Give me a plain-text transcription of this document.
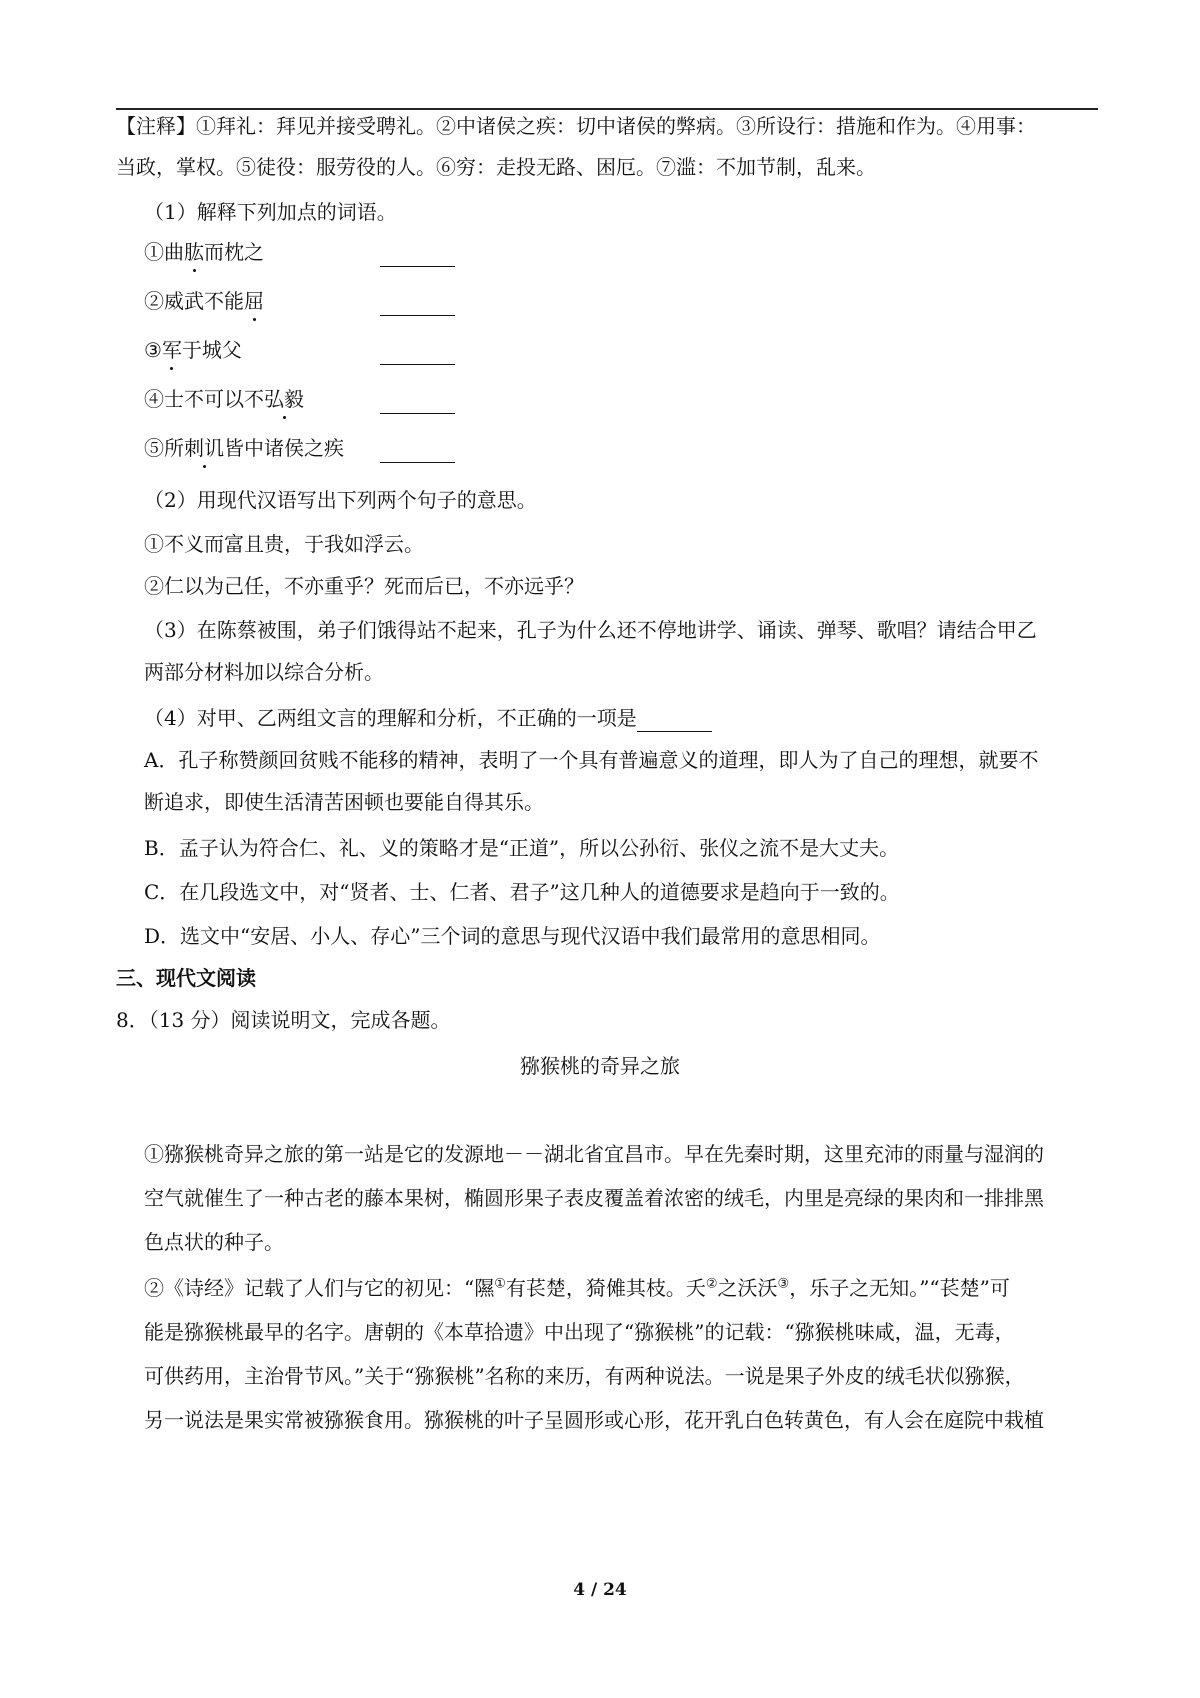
【注释】①拜礼：拜见并接受聘礼。②中诸侯之疾：切中诸侯的弊病。③所设行：措施和作为。④用事：
当政，掌权。⑤徒役：服劳役的人。⑥穷：走投无路、困厄。⑦滥：不加节制，乱来。
（1）解释下列加点的词语。
①曲肱而枕之
②威武不能屈
③军于城父
④士不可以不弘毅
⑤所刺讥皆中诸侯之疾
（2）用现代汉语写出下列两个句子的意思。
①不义而富且贵，于我如浮云。
②仁以为己任，不亦重乎？死而后已，不亦远乎？
（3）在陈蔡被围，弟子们饿得站不起来，孔子为什么还不停地讲学、诵读、弹琴、歌唱？请结合甲乙
两部分材料加以综合分析。
（4）对甲、乙两组文言的理解和分析，不正确的一项是
A．孔子称赞颜回贫贱不能移的精神，表明了一个具有普遍意义的道理，即人为了自己的理想，就要不
断追求，即使生活清苦困顿也要能自得其乐。
B．孟子认为符合仁、礼、义的策略才是“正道”，所以公孙衍、张仪之流不是大丈夫。
C．在几段选文中，对“贤者、士、仁者、君子”这几种人的道德要求是趋向于一致的。
D．选文中“安居、小人、存心”三个词的意思与现代汉语中我们最常用的意思相同。
三、现代文阅读
8．（13 分）阅读说明文，完成各题。
猕猴桃的奇异之旅
①猕猴桃奇异之旅的第一站是它的发源地－－湖北省宜昌市。早在先秦时期，这里充沛的雨量与湿润的
空气就催生了一种古老的藤本果树，椭圆形果子表皮覆盖着浓密的绒毛，内里是亮绿的果肉和一排排黑
色点状的种子。
②《诗经》记载了人们与它的初见：“隰①有苌楚，猗傩其枝。夭②之沃沃③，乐子之无知。”“苌楚”可
能是猕猴桃最早的名字。唐朝的《本草拾遗》中出现了“猕猴桃”的记载：“猕猴桃味咸，温，无毒，
可供药用，主治骨节风。”关于“猕猴桃”名称的来历，有两种说法。一说是果子外皮的绒毛状似猕猴，
另一说法是果实常被猕猴食用。猕猴桃的叶子呈圆形或心形，花开乳白色转黄色，有人会在庭院中栽植
4 / 24
